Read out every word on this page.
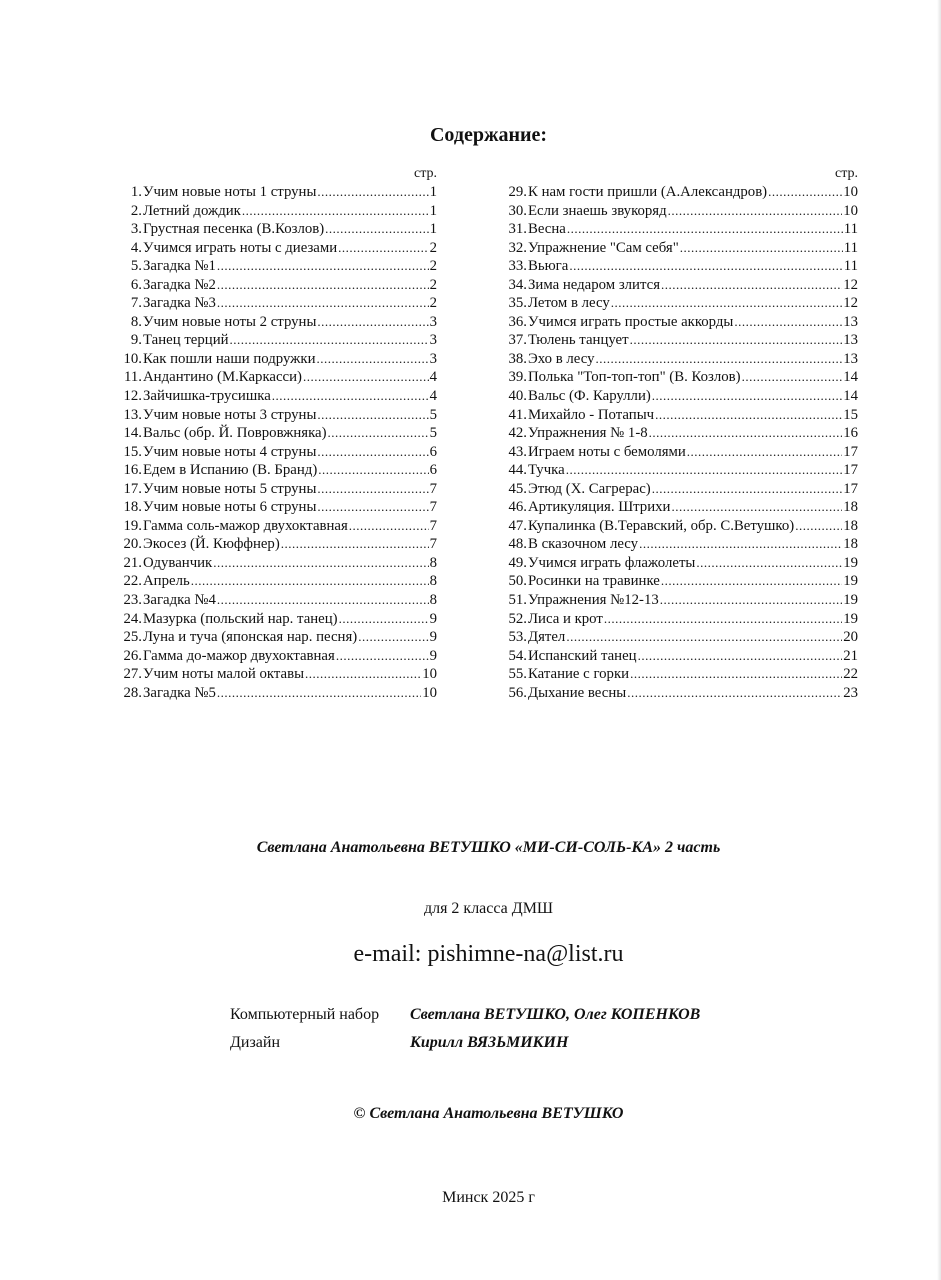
Содержание:
стр.
1. Учим новые ноты 1 струны .....	1
2. Летний дождик .....	1
3. Грустная песенка (В.Козлов) .....	1
4. Учимся играть ноты с диезами .....	2
5. Загадка №1 .....	2
6. Загадка №2 .....	2
7. Загадка №3 .....	2
8. Учим новые ноты 2 струны .....	3
9. Танец терций .....	3
10. Как пошли наши подружки .....	3
11. Андантино (М.Каркасси) .....	4
12. Зайчишка-трусишка .....	4
13. Учим новые ноты 3 струны .....	5
14. Вальс (обр. Й. Повровжняка) .....	5
15. Учим новые ноты 4 струны .....	6
16. Едем в Испанию (В. Бранд) .....	6
17. Учим новые ноты 5 струны .....	7
18. Учим новые ноты 6 струны .....	7
19. Гамма соль-мажор двухоктавная .....	7
20. Экосез (Й. Кюффнер) .....	7
21. Одуванчик .....	8
22. Апрель .....	8
23. Загадка №4 .....	8
24. Мазурка (польский нар. танец) .....	9
25. Луна и туча (японская нар. песня) .....	9
26. Гамма до-мажор двухоктавная .....	9
27. Учим ноты малой октавы .....	10
28. Загадка №5 .....	10
стр.
29. К нам гости пришли (А.Александров) .....	10
30. Если знаешь звукоряд .....	10
31. Весна .....	11
32. Упражнение "Сам себя" .....	11
33. Вьюга .....	11
34. Зима недаром злится .....	12
35. Летом в лесу .....	12
36. Учимся играть простые аккорды .....	13
37. Тюлень танцует .....	13
38. Эхо в лесу .....	13
39. Полька "Топ-топ-топ" (В. Козлов) .....	14
40. Вальс (Ф. Карулли) .....	14
41. Михайло - Потапыч .....	15
42. Упражнения № 1-8 .....	16
43. Играем ноты с бемолями .....	17
44. Тучка .....	17
45. Этюд (Х. Сагрерас) .....	17
46. Артикуляция. Штрихи .....	18
47. Купалинка (В.Теравский, обр. С.Ветушко) .....	18
48. В сказочном лесу .....	18
49. Учимся играть флажолеты .....	19
50. Росинки на травинке .....	19
51. Упражнения №12-13 .....	19
52. Лиса и крот .....	19
53. Дятел .....	20
54. Испанский танец .....	21
55. Катание с горки .....	22
56. Дыхание весны .....	23
Светлана Анатольевна ВЕТУШКО «МИ-СИ-СОЛЬ-КА» 2 часть
для 2 класса ДМШ
e-mail: pishimne-na@list.ru
Компьютерный набор Светлана ВЕТУШКО, Олег КОПЕНКОВ
Дизайн	Кирилл ВЯЗЬМИКИН
© Светлана Анатольевна ВЕТУШКО
Минск 2025 г
